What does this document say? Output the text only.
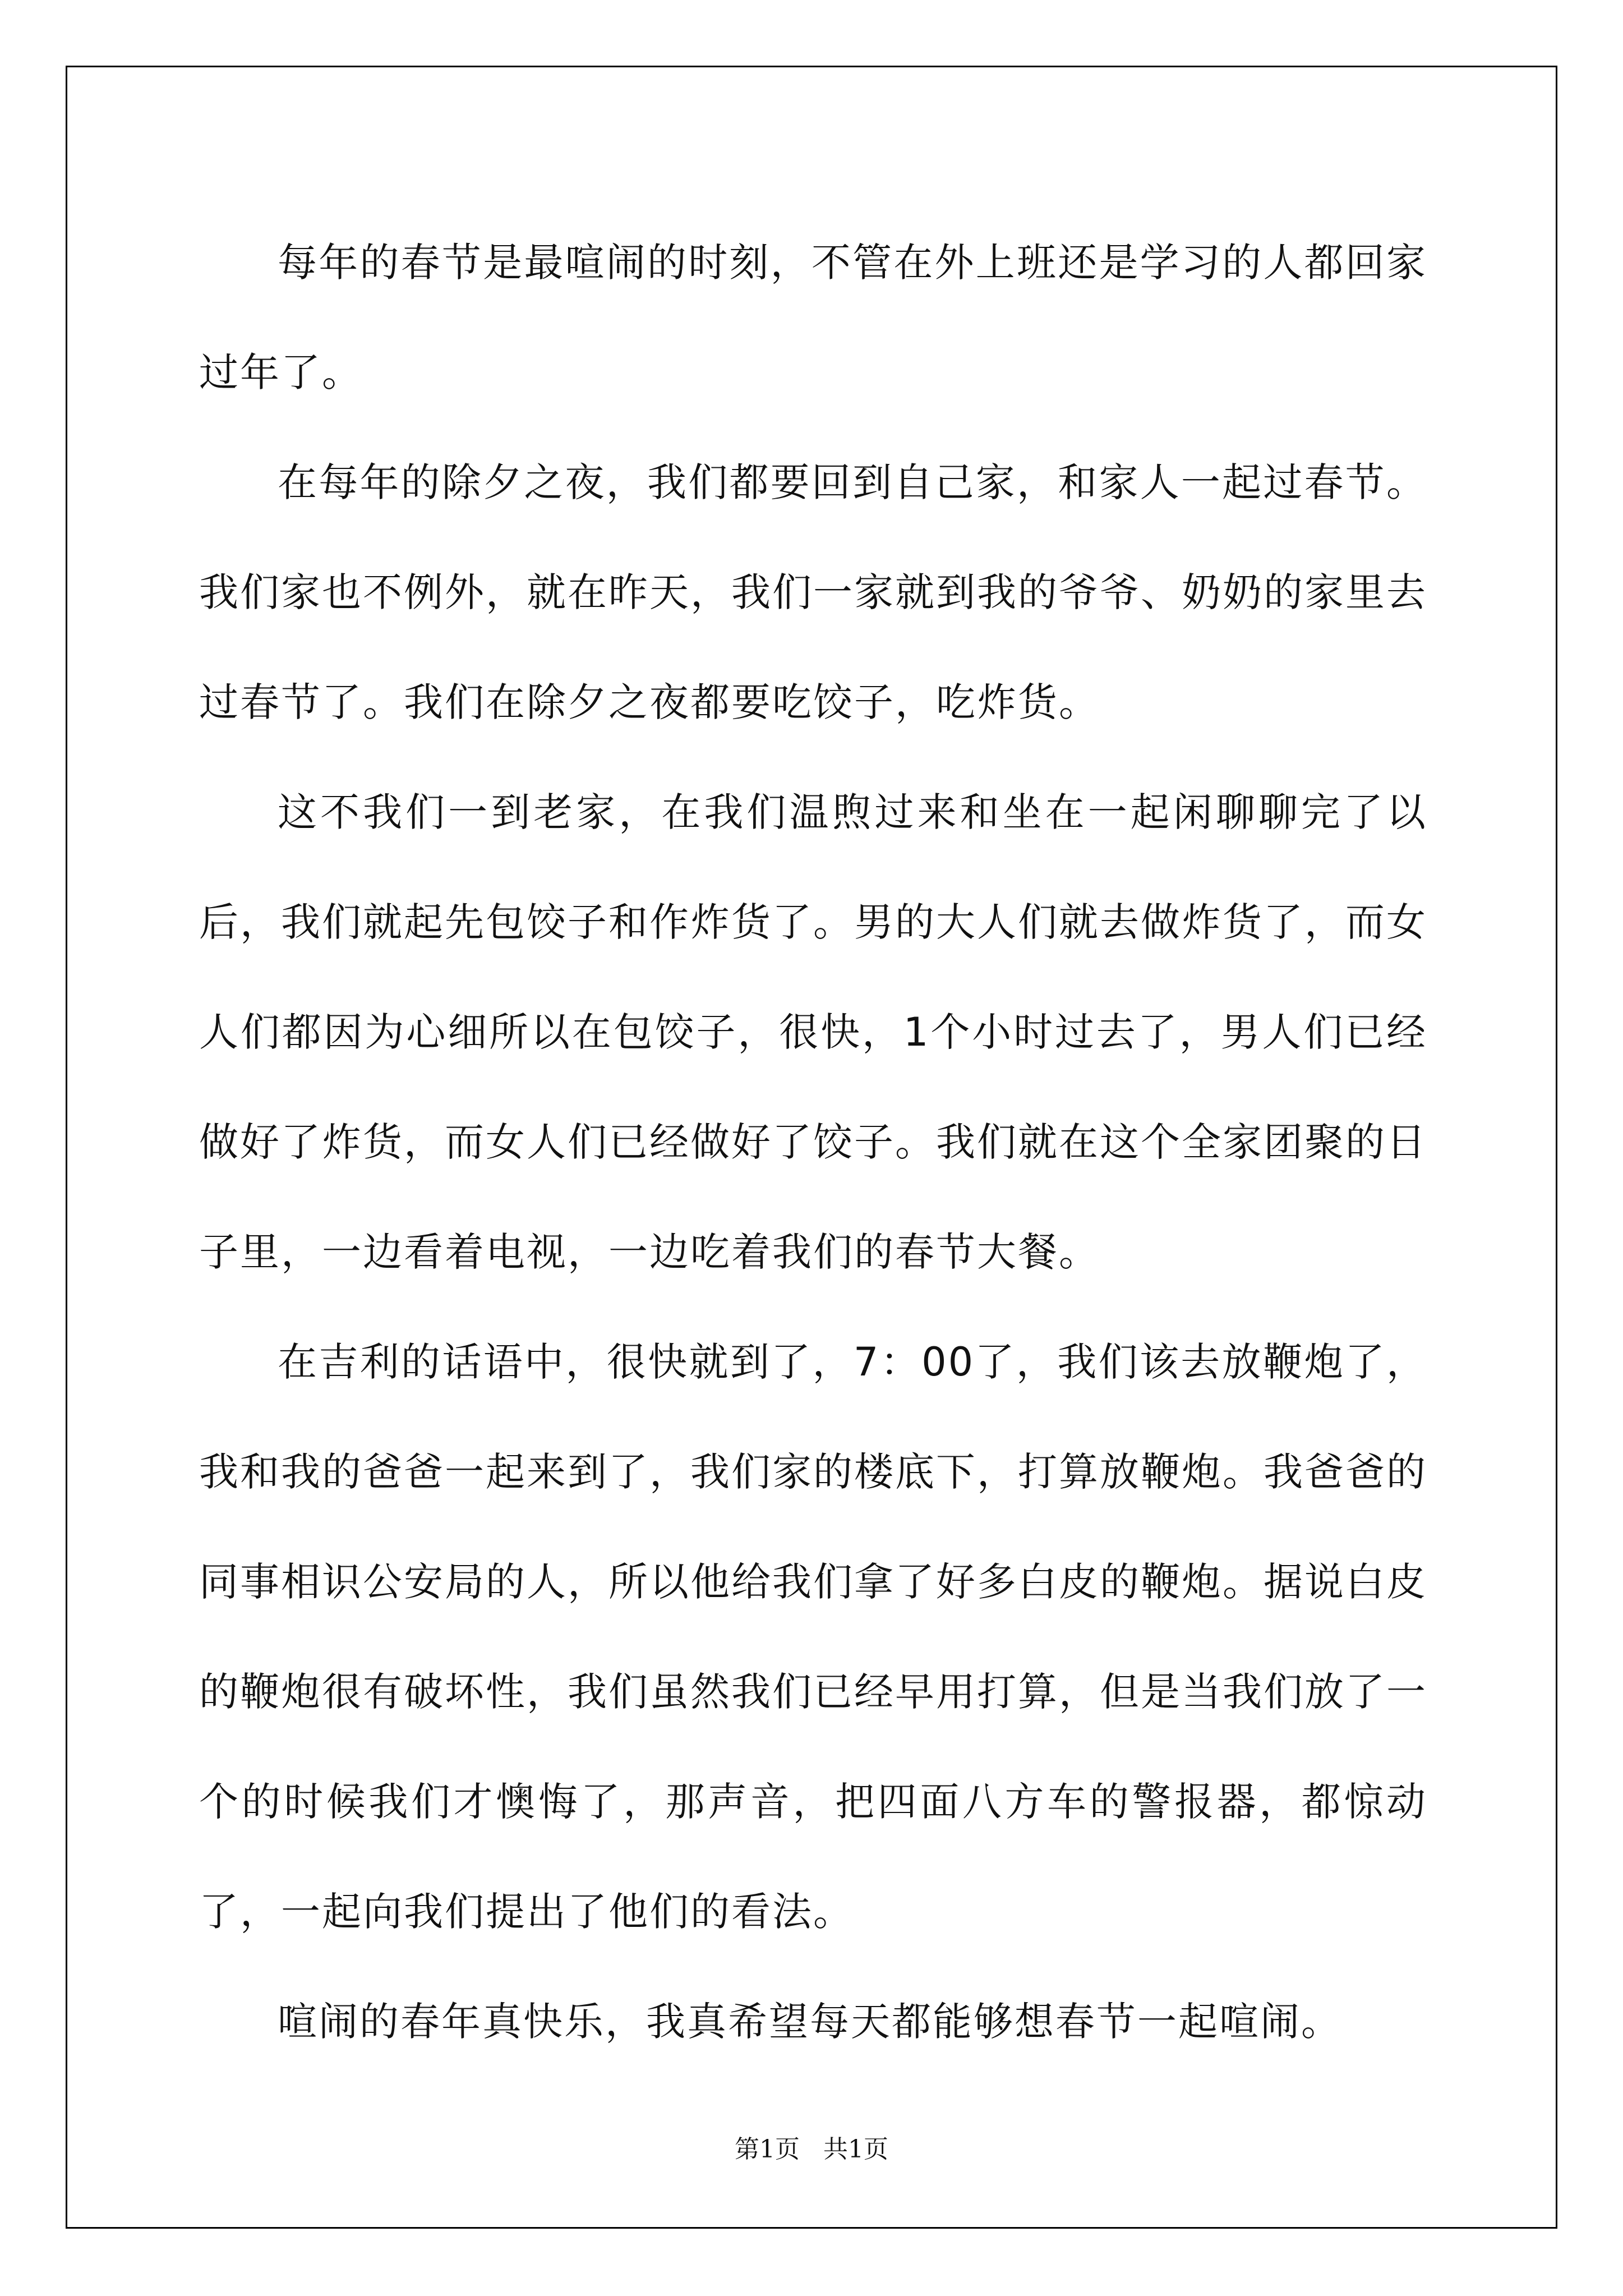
每年的春节是最喧闹的时刻，不管在外上班还是学习的人都回家过年了。

在每年的除夕之夜，我们都要回到自己家，和家人一起过春节。我们家也不例外，就在昨天，我们一家就到我的爷爷、奶奶的家里去过春节了。我们在除夕之夜都要吃饺子，吃炸货。

这不我们一到老家，在我们温煦过来和坐在一起闲聊聊完了以后，我们就起先包饺子和作炸货了。男的大人们就去做炸货了，而女人们都因为心细所以在包饺子，很快，1个小时过去了，男人们已经做好了炸货，而女人们已经做好了饺子。我们就在这个全家团聚的日子里，一边看着电视，一边吃着我们的春节大餐。

在吉利的话语中，很快就到了，7：00了，我们该去放鞭炮了，我和我的爸爸一起来到了，我们家的楼底下，打算放鞭炮。我爸爸的同事相识公安局的人，所以他给我们拿了好多白皮的鞭炮。据说白皮的鞭炮很有破坏性，我们虽然我们已经早用打算，但是当我们放了一个的时候我们才懊悔了，那声音，把四面八方车的警报器，都惊动了，一起向我们提出了他们的看法。

喧闹的春年真快乐，我真希望每天都能够想春节一起喧闹。

第1页   共1页
